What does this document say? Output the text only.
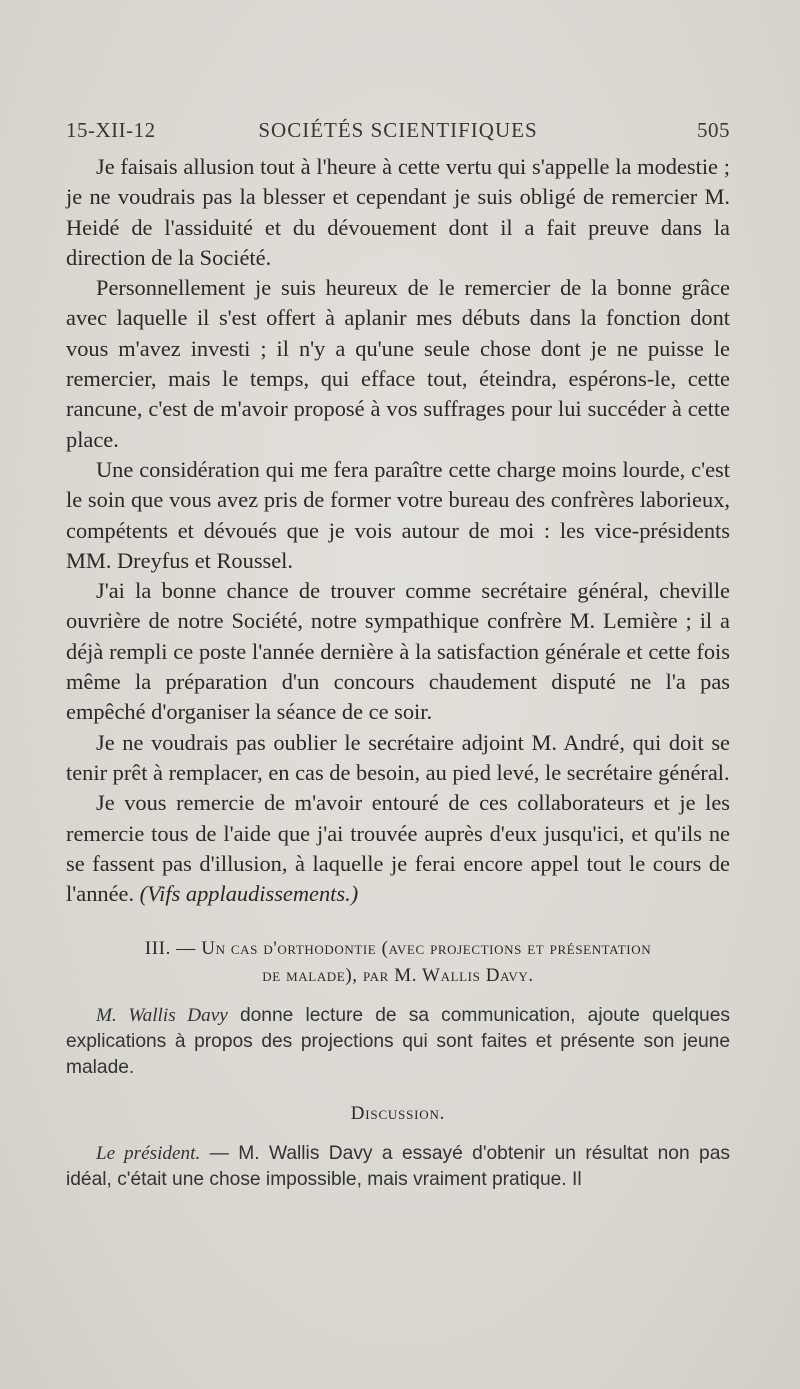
15-XII-12	SOCIÉTÉS SCIENTIFIQUES	505

Je faisais allusion tout à l'heure à cette vertu qui s'appelle la modestie ; je ne voudrais pas la blesser et cependant je suis obligé de remercier M. Heidé de l'assiduité et du dévouement dont il a fait preuve dans la direction de la Société.

Personnellement je suis heureux de le remercier de la bonne grâce avec laquelle il s'est offert à aplanir mes débuts dans la fonction dont vous m'avez investi ; il n'y a qu'une seule chose dont je ne puisse le remercier, mais le temps, qui efface tout, éteindra, espérons-le, cette rancune, c'est de m'avoir proposé à vos suffrages pour lui succéder à cette place.

Une considération qui me fera paraître cette charge moins lourde, c'est le soin que vous avez pris de former votre bureau des confrères laborieux, compétents et dévoués que je vois autour de moi : les vice-présidents MM. Dreyfus et Roussel.

J'ai la bonne chance de trouver comme secrétaire général, cheville ouvrière de notre Société, notre sympathique confrère M. Lemière ; il a déjà rempli ce poste l'année dernière à la satisfaction générale et cette fois même la préparation d'un concours chaudement disputé ne l'a pas empêché d'organiser la séance de ce soir.

Je ne voudrais pas oublier le secrétaire adjoint M. André, qui doit se tenir prêt à remplacer, en cas de besoin, au pied levé, le secrétaire général.

Je vous remercie de m'avoir entouré de ces collaborateurs et je les remercie tous de l'aide que j'ai trouvée auprès d'eux jusqu'ici, et qu'ils ne se fassent pas d'illusion, à laquelle je ferai encore appel tout le cours de l'année. (Vifs applaudissements.)

III. — Un cas d'orthodontie (avec projections et présentation
de malade), par M. Wallis Davy.

M. Wallis Davy donne lecture de sa communication, ajoute quelques explications à propos des projections qui sont faites et présente son jeune malade.

Discussion.

Le président. — M. Wallis Davy a essayé d'obtenir un résultat non pas idéal, c'était une chose impossible, mais vraiment pratique. Il
